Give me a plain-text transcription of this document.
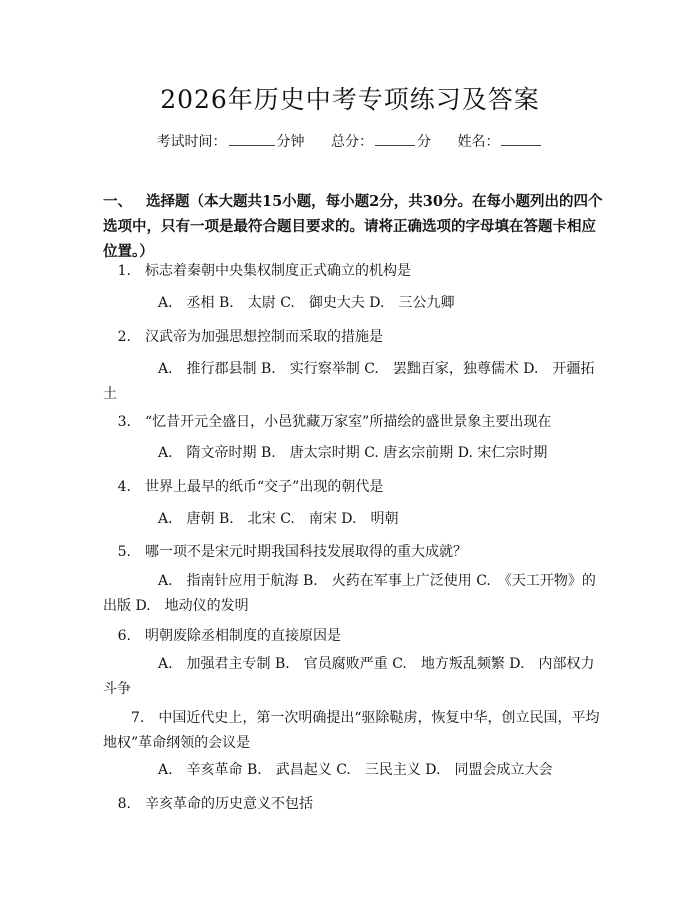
2026年历史中考专项练习及答案
考试时间：	分钟 总分：	分 姓名：
一、 选择题（本大题共15小题，每小题2分，共30分。在每小题列出的四个选项中，只有一项是最符合题目要求的。请将正确选项的字母填在答题卡相应位置。）
1. 标志着秦朝中央集权制度正式确立的机构是
A.　丞相 B.　太尉 C.　御史大夫 D.　三公九卿
2. 汉武帝为加强思想控制而采取的措施是
A.　推行郡县制 B.　实行察举制 C.　罢黜百家，独尊儒术 D.　开疆拓土
3. “忆昔开元全盛日，小邑犹藏万家室”所描绘的盛世景象主要出现在
A.　隋文帝时期 B.　唐太宗时期 C. 唐玄宗前期 D. 宋仁宗时期
4. 世界上最早的纸币“交子”出现的朝代是
A.　唐朝 B.　北宋 C.　南宋 D.　明朝
5. 哪一项不是宋元时期我国科技发展取得的重大成就？
A.　指南针应用于航海 B.　火药在军事上广泛使用 C.　《天工开物》的出版 D.　地动仪的发明
6. 明朝废除丞相制度的直接原因是
A.　加强君主专制 B.　官员腐败严重 C.　地方叛乱频繁 D.　内部权力斗争
7.　 中国近代史上，第一次明确提出“驱除鞑虏，恢复中华，创立民国，平均地权”革命纲领的会议是
A.　辛亥革命 B.　武昌起义 C.　三民主义 D.　同盟会成立大会
8. 辛亥革命的历史意义不包括
